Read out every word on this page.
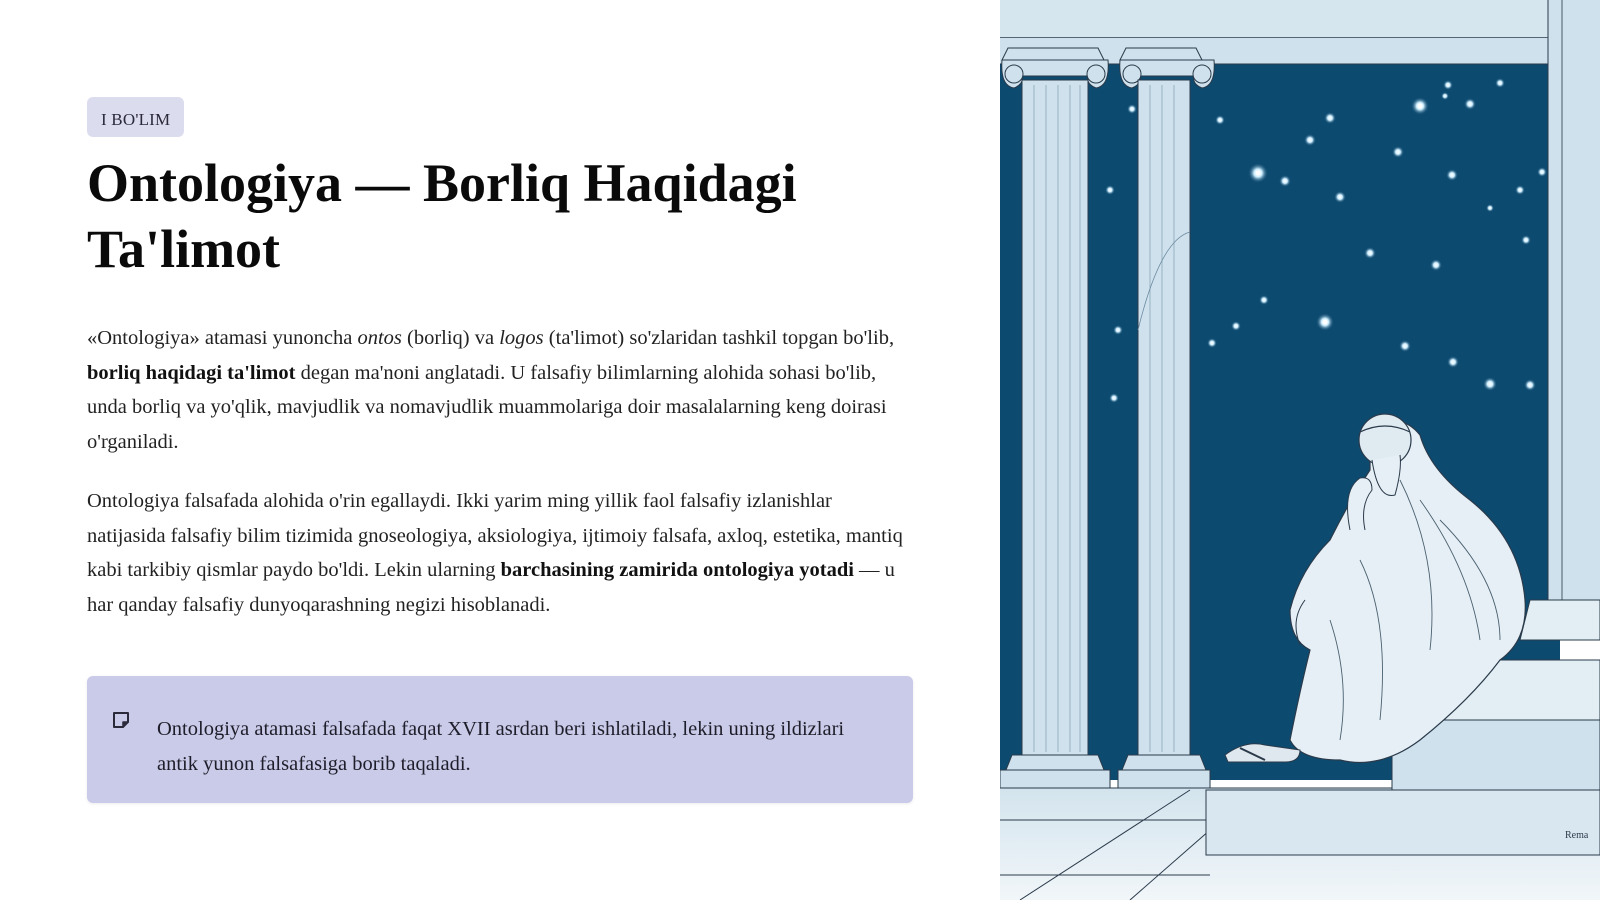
I BO'LIM
Ontologiya — Borliq Haqidagi Ta'limot

«Ontologiya» atamasi yunoncha ontos (borliq) va logos (ta'limot) so'zlaridan tashkil topgan bo'lib, borliq haqidagi ta'limot degan ma'noni anglatadi. U falsafiy bilimlarning alohida sohasi bo'lib, unda borliq va yo'qlik, mavjudlik va nomavjudlik muammolariga doir masalalarning keng doirasi o'rganiladi.

Ontologiya falsafada alohida o'rin egallaydi. Ikki yarim ming yillik faol falsafiy izlanishlar natijasida falsafiy bilim tizimida gnoseologiya, aksiologiya, ijtimoiy falsafa, axloq, estetika, mantiq kabi tarkibiy qismlar paydo bo'ldi. Lekin ularning barchasining zamirida ontologiya yotadi — u har qanday falsafiy dunyoqarashning negizi hisoblanadi.

Ontologiya atamasi falsafada faqat XVII asrdan beri ishlatiladi, lekin uning ildizlari antik yunon falsafasiga borib taqaladi.

Rema
